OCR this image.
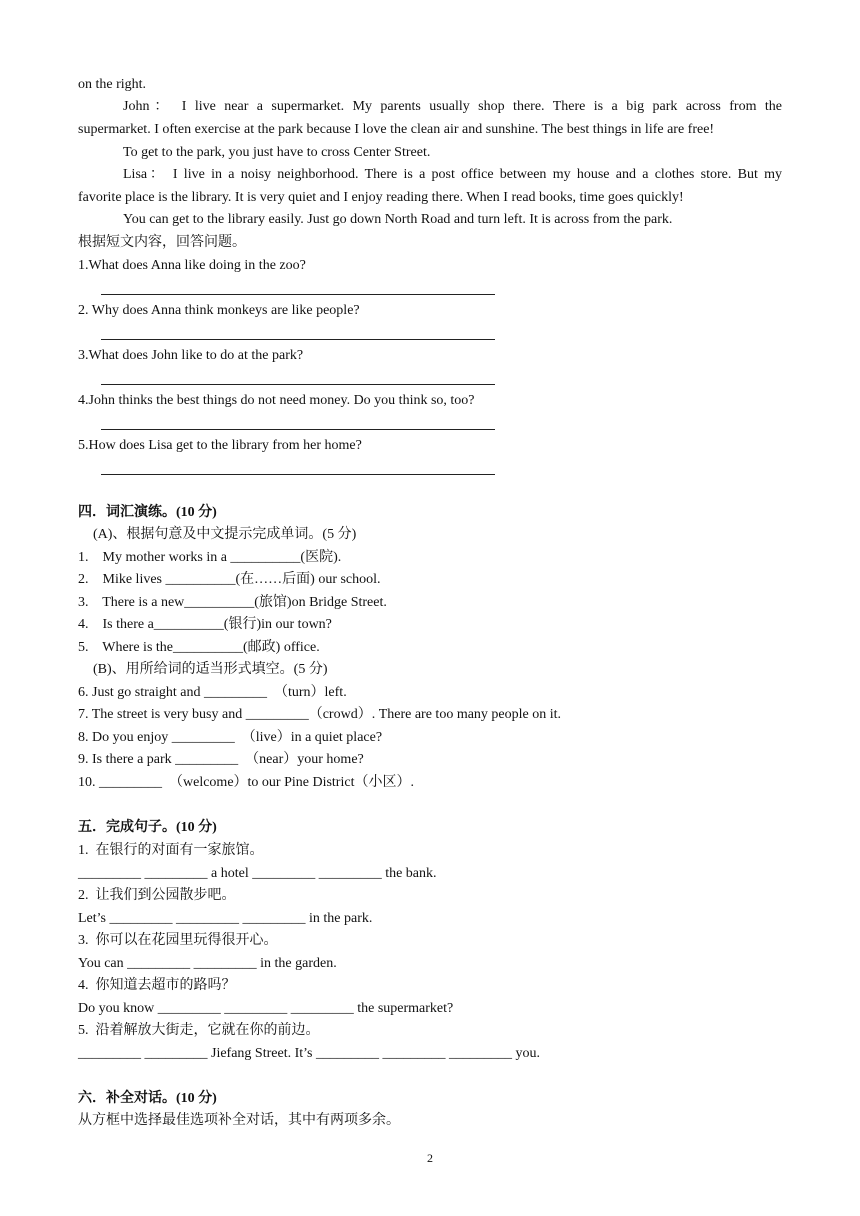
on the right.
John： I live near a supermarket. My parents usually shop there. There is a big park across from the
supermarket. I often exercise at the park because I love the clean air and sunshine. The best things in life are free!
To get to the park, you just have to cross Center Street.
Lisa： I live in a noisy neighborhood. There is a post office between my house and a clothes store. But my
favorite place is the library. It is very quiet and I enjoy reading there. When I read books, time goes quickly!
You can get to the library easily. Just go down North Road and turn left. It is across from the park.
根据短文内容，回答问题。
1.What does Anna like doing in the zoo?
2. Why does Anna think monkeys are like people?
3.What does John like to do at the park?
4.John thinks the best things do not need money. Do you think so, too?
5.How does Lisa get to the library from her home?
四．词汇演练。(10 分)
(A)、根据句意及中文提示完成单词。(5 分)
1.    My mother works in a __________(医院).
2.    Mike lives __________(在……后面) our school.
3.    There is a new__________(旅馆)on Bridge Street.
4.    Is there a__________(银行)in our town?
5.    Where is the__________(邮政) office.
(B)、用所给词的适当形式填空。(5 分)
6. Just go straight and _________  （turn）left.
7. The street is very busy and _________（crowd）. There are too many people on it.
8. Do you enjoy _________  （live）in a quiet place?
9. Is there a park _________  （near）your home?
10. _________  （welcome）to our Pine District（小区）.
五．完成句子。(10 分)
1.  在银行的对面有一家旅馆。
_________ _________ a hotel _________ _________ the bank.
2.  让我们到公园散步吧。
Let’s _________ _________ _________ in the park.
3.  你可以在花园里玩得很开心。
You can _________ _________ in the garden.
4.  你知道去超市的路吗？
Do you know _________ _________ _________ the supermarket?
5.  沿着解放大街走，它就在你的前边。
_________ _________ Jiefang Street. It’s _________ _________ _________ you.
六．补全对话。(10 分)
从方框中选择最佳选项补全对话，其中有两项多余。
2
